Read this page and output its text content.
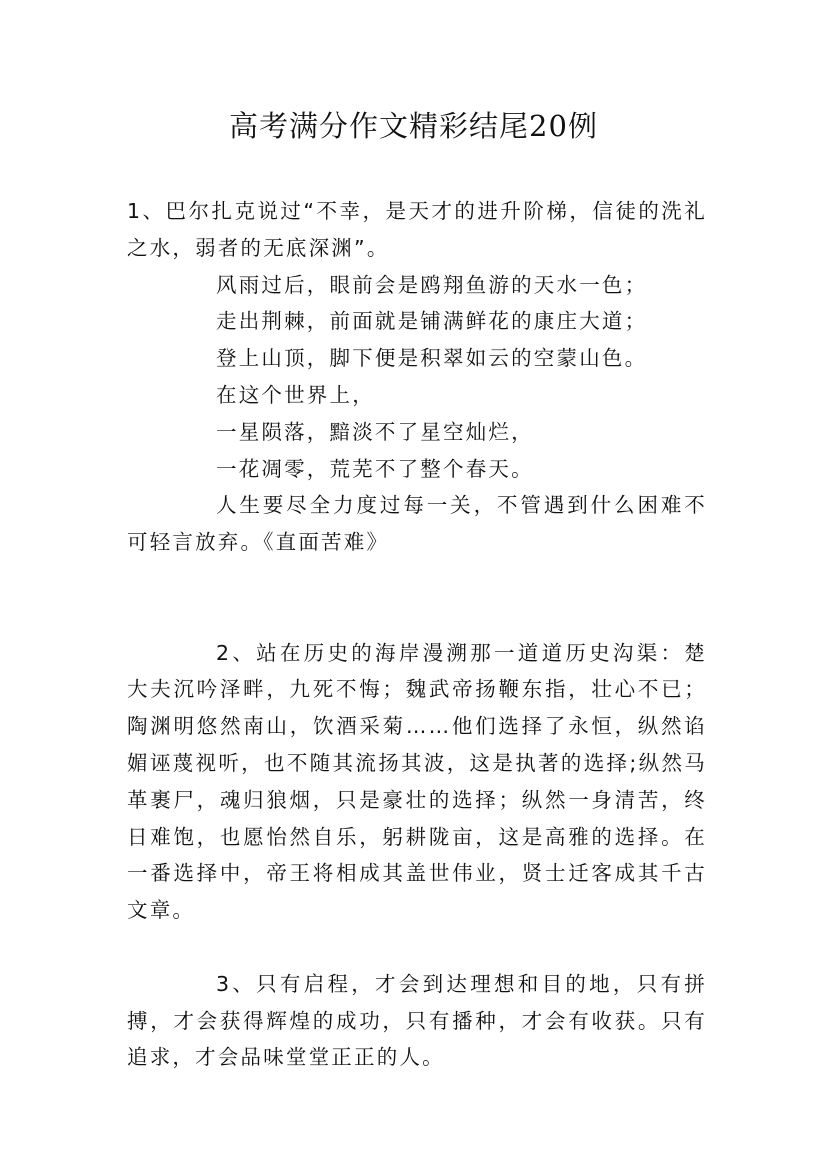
高考满分作文精彩结尾20例

1、巴尔扎克说过“不幸，是天才的进升阶梯，信徒的洗礼之水，弱者的无底深渊”。

风雨过后，眼前会是鸥翔鱼游的天水一色；

走出荆棘，前面就是铺满鲜花的康庄大道；

登上山顶，脚下便是积翠如云的空蒙山色。

在这个世界上，

一星陨落，黯淡不了星空灿烂，

一花凋零，荒芜不了整个春天。

人生要尽全力度过每一关，不管遇到什么困难不可轻言放弃。《直面苦难》

2、站在历史的海岸漫溯那一道道历史沟渠：楚大夫沉吟泽畔，九死不悔；魏武帝扬鞭东指，壮心不已；陶渊明悠然南山，饮酒采菊……他们选择了永恒，纵然谄媚诬蔑视听，也不随其流扬其波，这是执著的选择;纵然马革裹尸，魂归狼烟，只是豪壮的选择；纵然一身清苦，终日难饱，也愿怡然自乐，躬耕陇亩，这是高雅的选择。在一番选择中，帝王将相成其盖世伟业，贤士迁客成其千古文章。

3、只有启程，才会到达理想和目的地，只有拼搏，才会获得辉煌的成功，只有播种，才会有收获。只有追求，才会品味堂堂正正的人。
